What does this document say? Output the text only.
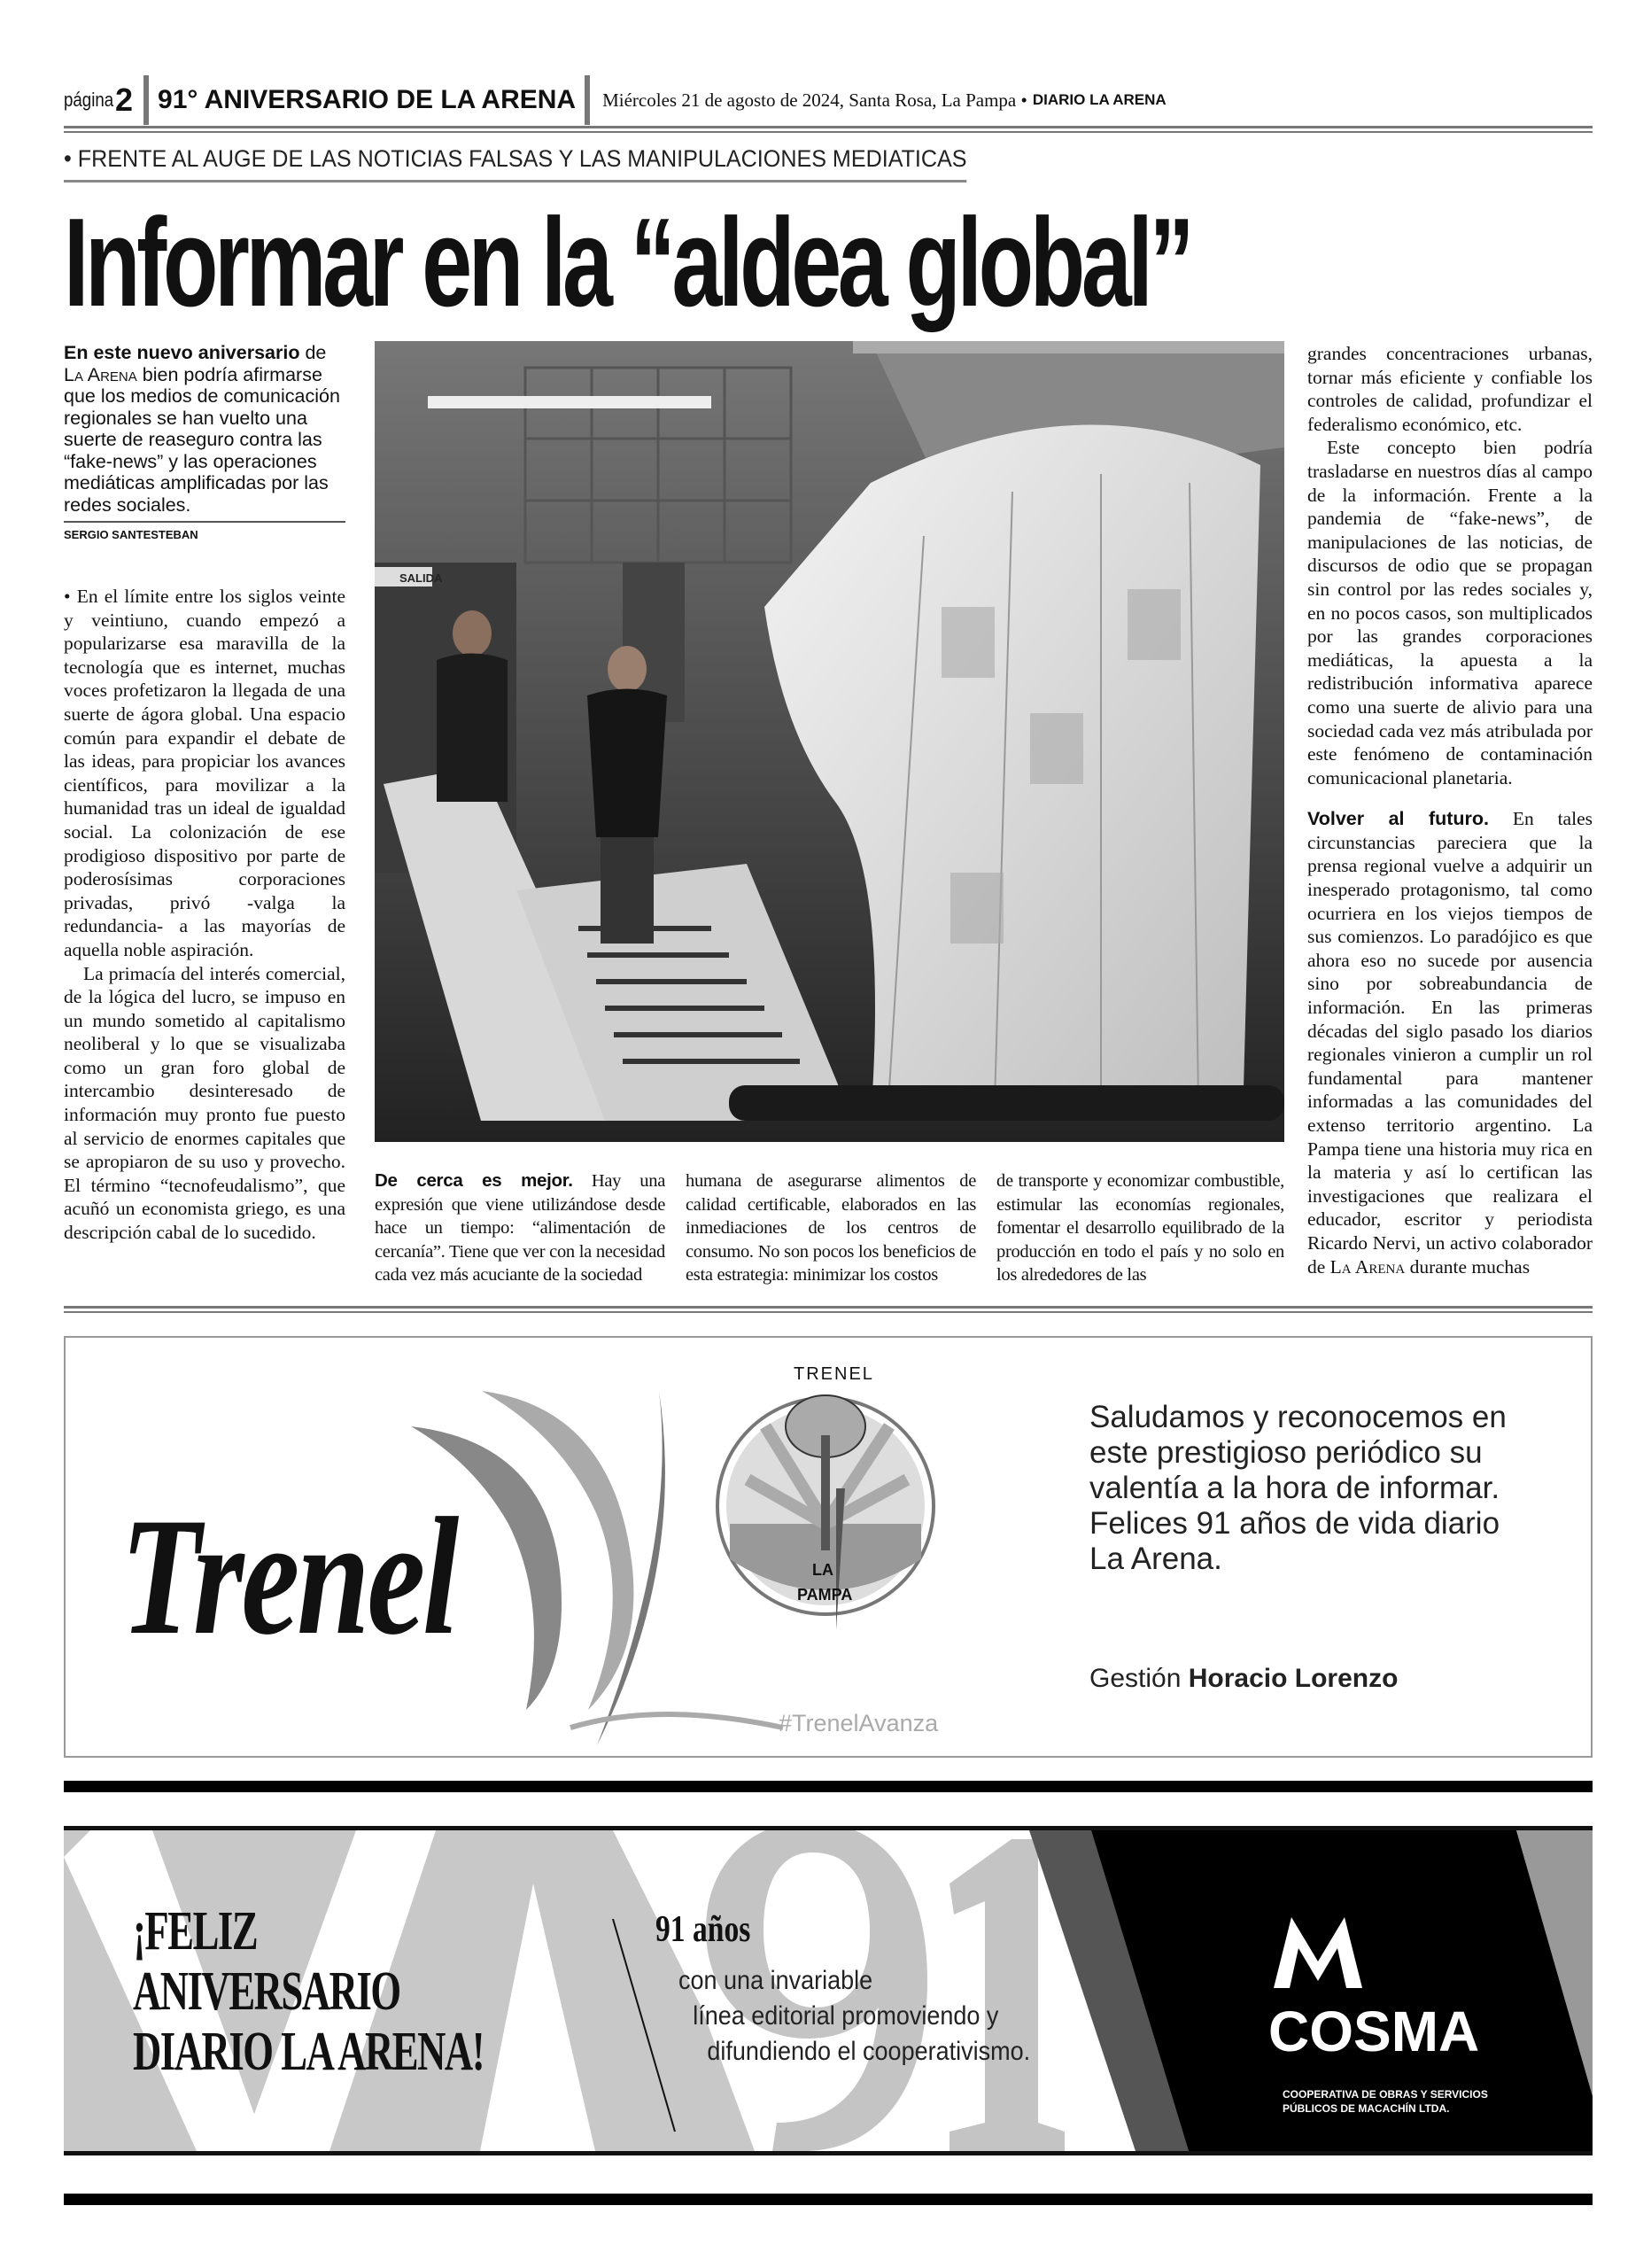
página 2 91° ANIVERSARIO DE LA ARENA	Miércoles 21 de agosto de 2024, Santa Rosa, La Pampa • DIARIO LA ARENA
• FRENTE AL AUGE DE LAS NOTICIAS FALSAS Y LAS MANIPULACIONES MEDIATICAS
Informar en la “aldea global”
En este nuevo aniversario de La Arena bien podría afirmarse que los medios de comunicación regionales se han vuelto una suerte de reaseguro contra las “fake-news” y las operaciones mediáticas amplificadas por las redes sociales.
SERGIO SANTESTEBAN

• En el límite entre los siglos veinte y veintiuno, cuando empezó a popularizarse esa maravilla de la tecnología que es internet, muchas voces profetizaron la llegada de una suerte de ágora global. Una espacio común para expandir el debate de las ideas, para propiciar los avances científicos, para movilizar a la humanidad tras un ideal de igualdad social. La colonización de ese prodigioso dispositivo por parte de poderosísimas corporaciones privadas, privó -valga la redundancia- a las mayorías de aquella noble aspiración.

La primacía del interés comercial, de la lógica del lucro, se impuso en un mundo sometido al capitalismo neoliberal y lo que se visualizaba como un gran foro global de intercambio desinteresado de información muy pronto fue puesto al servicio de enormes capitales que se apropiaron de su uso y provecho. El término “tecnofeudalismo”, que acuñó un economista griego, es una descripción cabal de lo sucedido.

SALIDA
De cerca es mejor. Hay una expresión que viene utilizándose desde hace un tiempo: “alimentación de cercanía”. Tiene que ver con la necesidad cada vez más acuciante de la sociedad
humana de asegurarse alimentos de calidad certificable, elaborados en las inmediaciones de los centros de consumo. No son pocos los beneficios de esta estrategia: minimizar los costos
de transporte y economizar combustible, estimular las economías regionales, fomentar el desarrollo equilibrado de la producción en todo el país y no solo en los alrededores de las

grandes concentraciones urbanas, tornar más eficiente y confiable los controles de calidad, profundizar el federalismo económico, etc.

Este concepto bien podría trasladarse en nuestros días al campo de la información. Frente a la pandemia de “fake-news”, de manipulaciones de las noticias, de discursos de odio que se propagan sin control por las redes sociales y, en no pocos casos, son multiplicados por las grandes corporaciones mediáticas, la apuesta a la redistribución informativa aparece como una suerte de alivio para una sociedad cada vez más atribulada por este fenómeno de contaminación comunicacional planetaria.

Volver al futuro. En tales circunstancias pareciera que la prensa regional vuelve a adquirir un inesperado protagonismo, tal como ocurriera en los viejos tiempos de sus comienzos. Lo paradójico es que ahora eso no sucede por ausencia sino por sobreabundancia de información. En las primeras décadas del siglo pasado los diarios regionales vinieron a cumplir un rol fundamental para mantener informadas a las comunidades del extenso territorio argentino. La Pampa tiene una historia muy rica en la materia y así lo certifican las investigaciones que realizara el educador, escritor y periodista Ricardo Nervi, un activo colaborador de La Arena durante muchas

Trenel
TRENEL
LA
PAMPA
Saludamos y reconocemos en este prestigioso periódico su valentía a la hora de informar. Felices 91 años de vida diario La Arena.
Gestión Horacio Lorenzo
#TrenelAvanza
¡FELIZ
ANIVERSARIO
DIARIO LA ARENA!
91 años
con una invariable
línea editorial promoviendo y
difundiendo el cooperativismo.	COSMA
COOPERATIVA DE OBRAS Y SERVICIOS
PÚBLICOS DE MACACHÍN LTDA.
